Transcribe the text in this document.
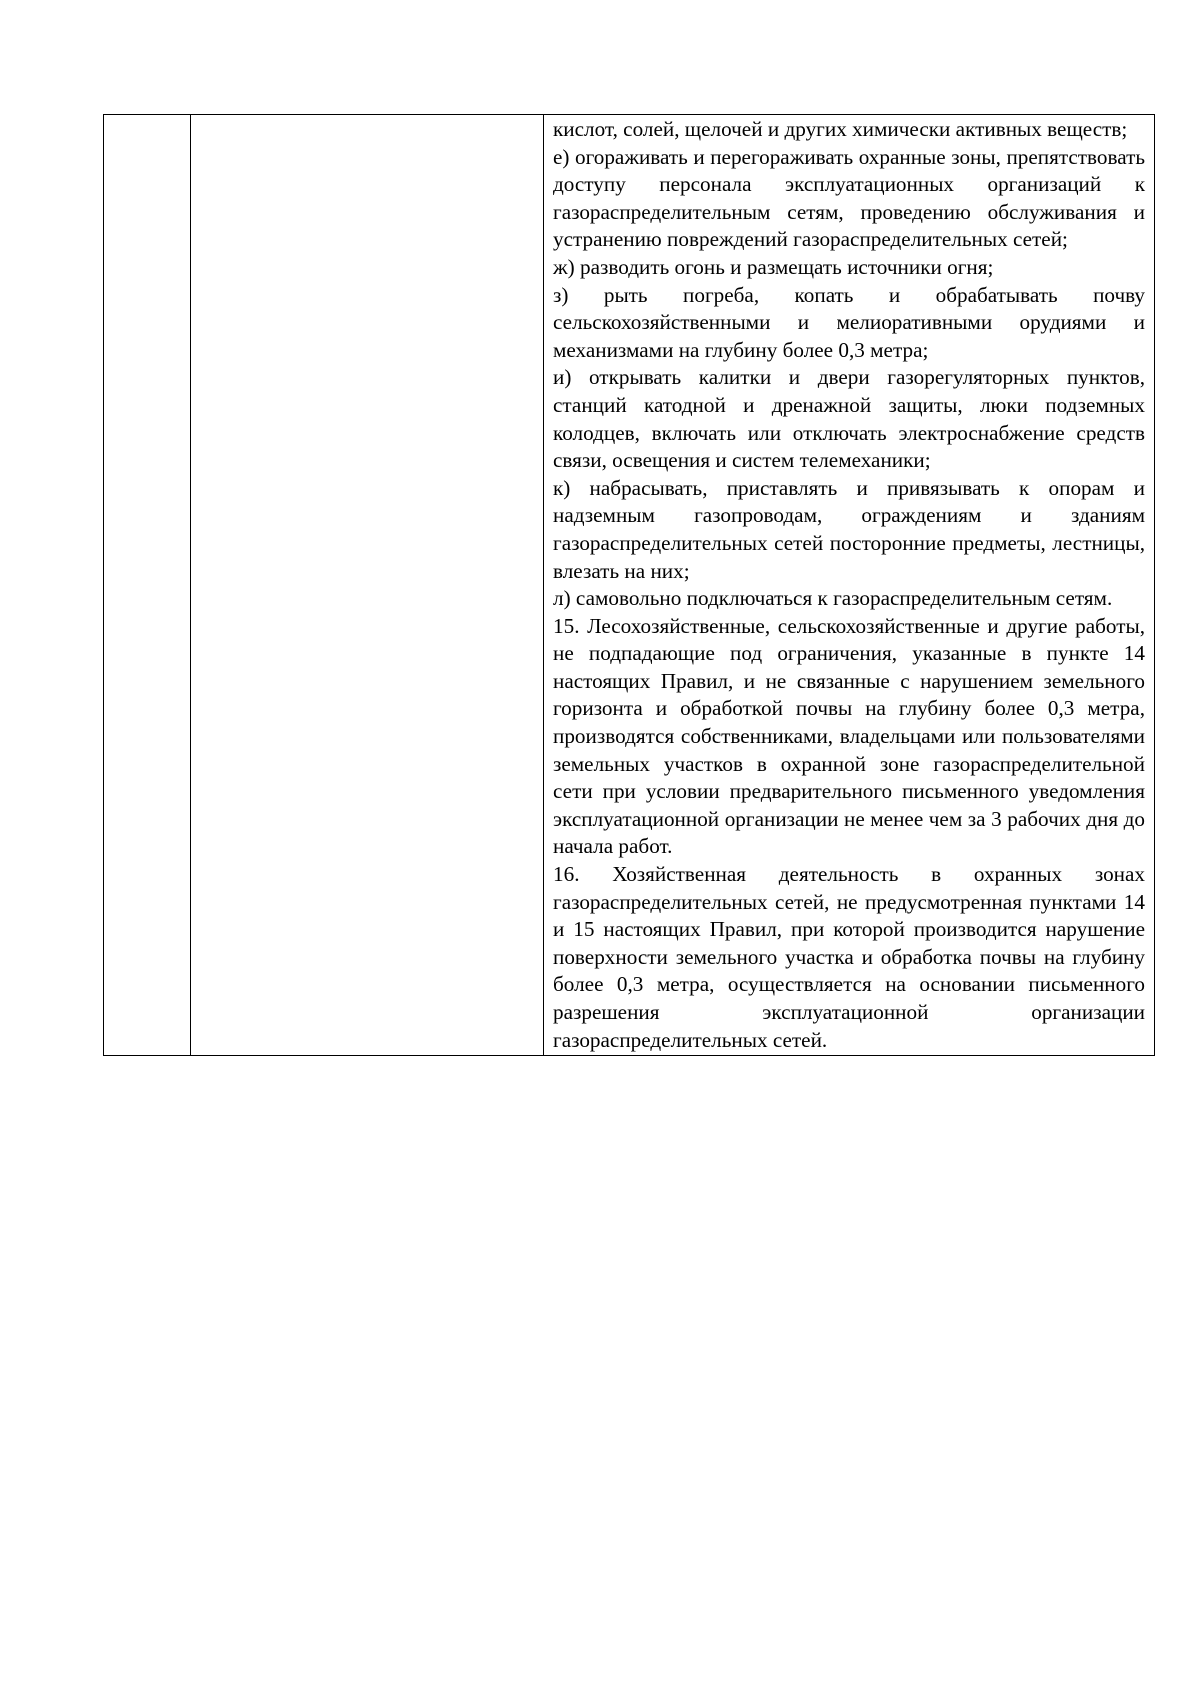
кислот, солей, щелочей и других химически активных веществ;

е) огораживать и перегораживать охранные зоны, препятствовать доступу персонала эксплуатационных организаций к газораспределительным сетям, проведению обслуживания и устранению повреждений газораспределительных сетей;

ж) разводить огонь и размещать источники огня;

з) рыть погреба, копать и обрабатывать почву сельскохозяйственными и мелиоративными орудиями и механизмами на глубину более 0,3 метра;

и) открывать калитки и двери газорегуляторных пунктов, станций катодной и дренажной защиты, люки подземных колодцев, включать или отключать электроснабжение средств связи, освещения и систем телемеханики;

к) набрасывать, приставлять и привязывать к опорам и надземным газопроводам, ограждениям и зданиям газораспределительных сетей посторонние предметы, лестницы, влезать на них;

л) самовольно подключаться к газораспределительным сетям.

15. Лесохозяйственные, сельскохозяйственные и другие работы, не подпадающие под ограничения, указанные в пункте 14 настоящих Правил, и не связанные с нарушением земельного горизонта и обработкой почвы на глубину более 0,3 метра, производятся собственниками, владельцами или пользователями земельных участков в охранной зоне газораспределительной сети при условии предварительного письменного уведомления эксплуатационной организации не менее чем за 3 рабочих дня до начала работ.

16. Хозяйственная деятельность в охранных зонах газораспределительных сетей, не предусмотренная пунктами 14 и 15 настоящих Правил, при которой производится нарушение поверхности земельного участка и обработка почвы на глубину более 0,3 метра, осуществляется на основании письменного разрешения эксплуатационной организации газораспределительных сетей.
